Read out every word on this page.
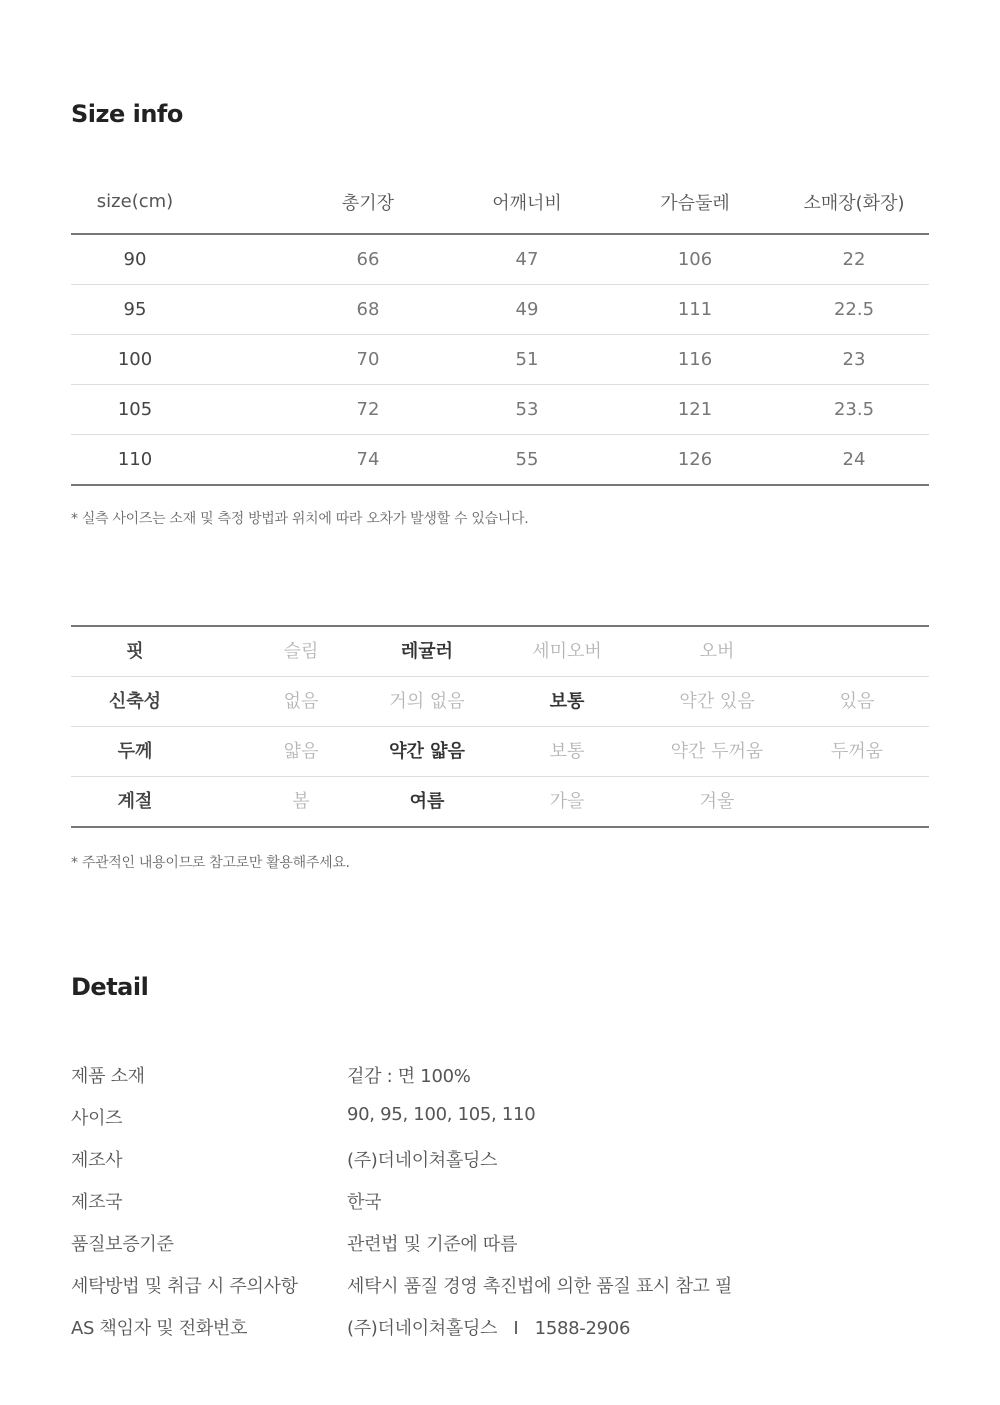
Size info
size(cm)	총기장	어깨너비	가슴둘레	소매장(화장)
90	66	47	106	22
95	68	49	111	22.5
100	70	51	116	23
105	72	53	121	23.5
110	74	55	126	24
* 실측 사이즈는 소재 및 측정 방법과 위치에 따라 오차가 발생할 수 있습니다.
핏	슬림	레귤러	세미오버	오버
신축성	없음	거의 없음	보통	약간 있음	있음
두께	얇음	약간 얇음	보통	약간 두꺼움	두꺼움
계절	봄	여름	가을	겨울
* 주관적인 내용이므로 참고로만 활용해주세요.
Detail
제품 소재	겉감 : 면 100%
사이즈	90, 95, 100, 105, 110
제조사	(주)더네이쳐홀딩스
제조국	한국
품질보증기준	관련법 및 기준에 따름
세탁방법 및 취급 시 주의사항	세탁시 품질 경영 촉진법에 의한 품질 표시 참고 필
AS 책임자 및 전화번호	(주)더네이쳐홀딩스   I   1588-2906
